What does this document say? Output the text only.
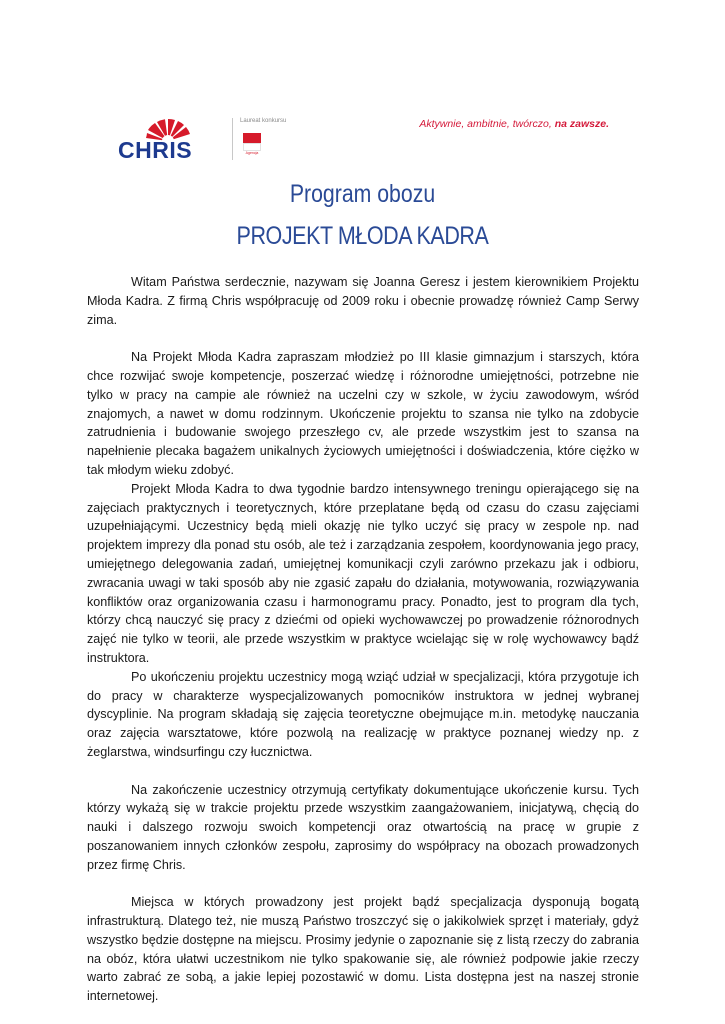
CHRIS
Laureat konkursu
Agencja
Aktywnie, ambitnie, twórczo, na zawsze.
Program obozu
PROJEKT MŁODA KADRA

Witam Państwa serdecznie, nazywam się Joanna Geresz i jestem kierownikiem Projektu Młoda Kadra. Z firmą Chris współpracuję od 2009 roku i obecnie prowadzę również Camp Serwy zima.

Na Projekt Młoda Kadra zapraszam młodzież po III klasie gimnazjum i starszych, która chce rozwijać swoje kompetencje, poszerzać wiedzę i różnorodne umiejętności, potrzebne nie tylko w pracy na campie ale również na uczelni czy w szkole, w życiu zawodowym, wśród znajomych, a nawet w domu rodzinnym. Ukończenie projektu to szansa nie tylko na zdobycie zatrudnienia i budowanie swojego przeszłego cv, ale przede wszystkim jest to szansa na napełnienie plecaka bagażem unikalnych życiowych umiejętności i doświadczenia, które ciężko w tak młodym wieku zdobyć.

Projekt Młoda Kadra to dwa tygodnie bardzo intensywnego treningu opierającego się na zajęciach praktycznych i teoretycznych, które przeplatane będą od czasu do czasu zajęciami uzupełniającymi. Uczestnicy będą mieli okazję nie tylko uczyć się pracy w zespole np. nad projektem imprezy dla ponad stu osób, ale też i zarządzania zespołem, koordynowania jego pracy, umiejętnego delegowania zadań, umiejętnej komunikacji czyli zarówno przekazu jak i odbioru, zwracania uwagi w taki sposób aby nie zgasić zapału do działania, motywowania, rozwiązywania konfliktów oraz organizowania czasu i harmonogramu pracy. Ponadto, jest to program dla tych, którzy chcą nauczyć się pracy z dziećmi od opieki wychowawczej po prowadzenie różnorodnych zajęć nie tylko w teorii, ale przede wszystkim w praktyce wcielając się w rolę wychowawcy bądź instruktora.

Po ukończeniu projektu uczestnicy mogą wziąć udział w specjalizacji, która przygotuje ich do pracy w charakterze wyspecjalizowanych pomocników instruktora w jednej wybranej dyscyplinie. Na program składają się zajęcia teoretyczne obejmujące m.in. metodykę nauczania oraz zajęcia warsztatowe, które pozwolą na realizację w praktyce poznanej wiedzy np. z żeglarstwa, windsurfingu czy łucznictwa.

Na zakończenie uczestnicy otrzymują certyfikaty dokumentujące ukończenie kursu. Tych którzy wykażą się w trakcie projektu przede wszystkim zaangażowaniem, inicjatywą, chęcią do nauki i dalszego rozwoju swoich kompetencji oraz otwartością na pracę w grupie z poszanowaniem innych członków zespołu, zaprosimy do współpracy na obozach prowadzonych przez firmę Chris.

Miejsca w których prowadzony jest projekt bądź specjalizacja dysponują bogatą infrastrukturą. Dlatego też, nie muszą Państwo troszczyć się o jakikolwiek sprzęt i materiały, gdyż wszystko będzie dostępne na miejscu. Prosimy jedynie o zapoznanie się z listą rzeczy do zabrania na obóz, która ułatwi uczestnikom nie tylko spakowanie się, ale również podpowie jakie rzeczy warto zabrać ze sobą, a jakie lepiej pozostawić w domu. Lista dostępna jest na naszej stronie internetowej.
